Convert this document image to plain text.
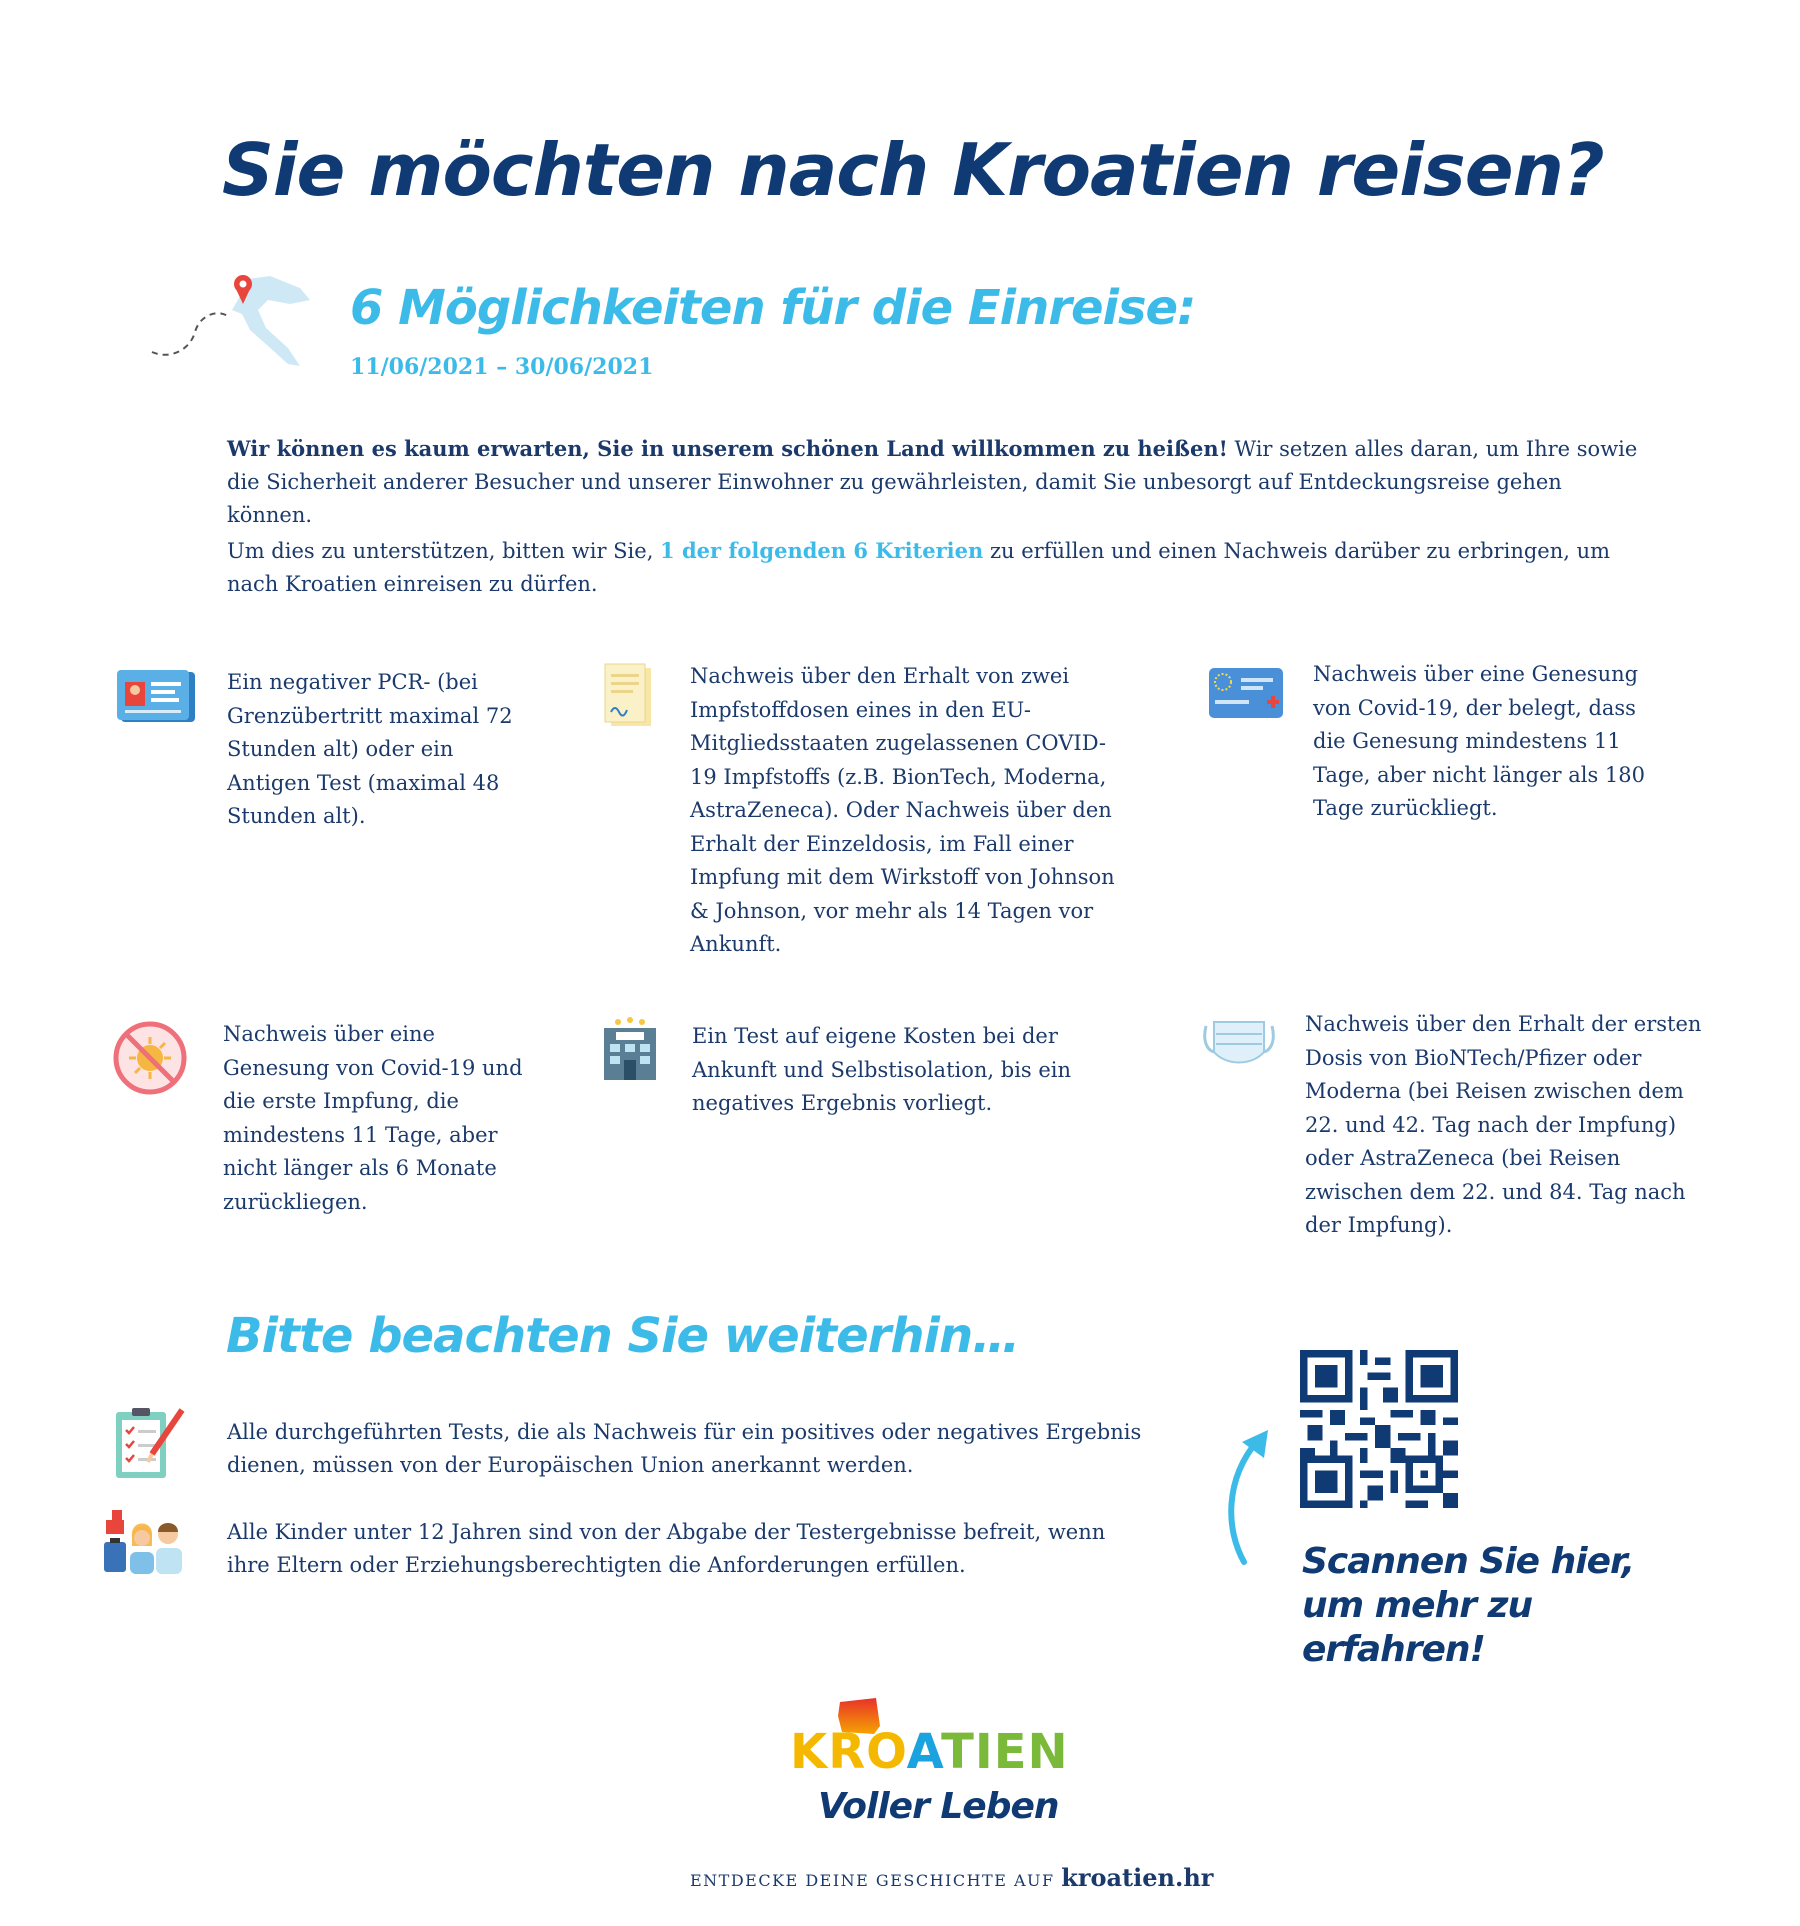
Sie möchten nach Kroatien reisen?
6 Möglichkeiten für die Einreise:
11/06/2021 – 30/06/2021
Wir können es kaum erwarten, Sie in unserem schönen Land willkommen zu heißen! Wir setzen alles daran, um Ihre sowie die Sicherheit anderer Besucher und unserer Einwohner zu gewährleisten, damit Sie unbesorgt auf Entdeckungsreise gehen können.
Um dies zu unterstützen, bitten wir Sie, 1 der folgenden 6 Kriterien zu erfüllen und einen Nachweis darüber zu erbringen, um nach Kroatien einreisen zu dürfen.
Ein negativer PCR- (bei Grenzübertritt maximal 72 Stunden alt) oder ein Antigen Test (maximal 48 Stunden alt).
Nachweis über den Erhalt von zwei Impfstoffdosen eines in den EU-Mitgliedsstaaten zugelassenen COVID-19 Impfstoffs (z.B. BionTech, Moderna, AstraZeneca). Oder Nachweis über den Erhalt der Einzeldosis, im Fall einer Impfung mit dem Wirkstoff von Johnson & Johnson, vor mehr als 14 Tagen vor Ankunft.
Nachweis über eine Genesung von Covid-19, der belegt, dass die Genesung mindestens 11 Tage, aber nicht länger als 180 Tage zurückliegt.
Nachweis über eine Genesung von Covid-19 und die erste Impfung, die mindestens 11 Tage, aber nicht länger als 6 Monate zurückliegen.
Ein Test auf eigene Kosten bei der Ankunft und Selbstisolation, bis ein negatives Ergebnis vorliegt.
Nachweis über den Erhalt der ersten Dosis von BioNTech/Pfizer oder Moderna (bei Reisen zwischen dem 22. und 42. Tag nach der Impfung) oder AstraZeneca (bei Reisen zwischen dem 22. und 84. Tag nach der Impfung).
Bitte beachten Sie weiterhin…
Alle durchgeführten Tests, die als Nachweis für ein positives oder negatives Ergebnis dienen, müssen von der Europäischen Union anerkannt werden.
Alle Kinder unter 12 Jahren sind von der Abgabe der Testergebnisse befreit, wenn ihre Eltern oder Erziehungsberechtigten die Anforderungen erfüllen.	Scannen Sie hier, um mehr zu erfahren!
KROATIEN
Voller Leben
ENTDECKE DEINE GESCHICHTE AUF kroatien.hr
